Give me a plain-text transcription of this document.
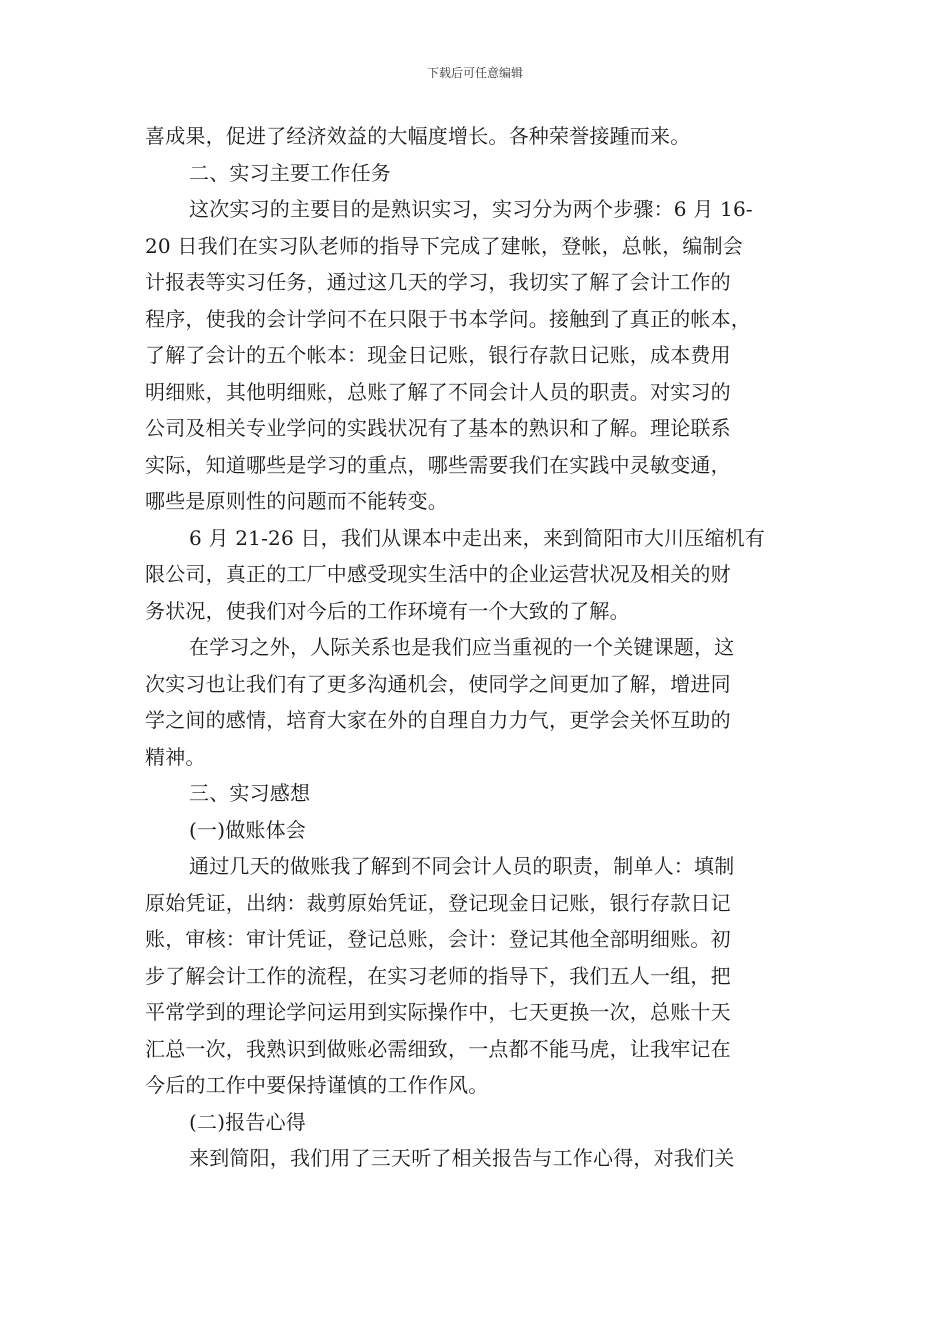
下载后可任意编辑
喜成果，促进了经济效益的大幅度增长。各种荣誉接踵而来。
二、实习主要工作任务
这次实习的主要目的是熟识实习，实习分为两个步骤：6 月 16-
20 日我们在实习队老师的指导下完成了建帐，登帐，总帐，编制会
计报表等实习任务，通过这几天的学习，我切实了解了会计工作的
程序，使我的会计学问不在只限于书本学问。接触到了真正的帐本，
了解了会计的五个帐本：现金日记账，银行存款日记账，成本费用
明细账，其他明细账，总账了解了不同会计人员的职责。对实习的
公司及相关专业学问的实践状况有了基本的熟识和了解。理论联系
实际，知道哪些是学习的重点，哪些需要我们在实践中灵敏变通，
哪些是原则性的问题而不能转变。
6 月 21-26 日，我们从课本中走出来，来到简阳市大川压缩机有
限公司，真正的工厂中感受现实生活中的企业运营状况及相关的财
务状况，使我们对今后的工作环境有一个大致的了解。
在学习之外，人际关系也是我们应当重视的一个关键课题，这
次实习也让我们有了更多沟通机会，使同学之间更加了解，增进同
学之间的感情，培育大家在外的自理自力力气，更学会关怀互助的
精神。
三、实习感想
(一)做账体会
通过几天的做账我了解到不同会计人员的职责，制单人：填制
原始凭证，出纳：裁剪原始凭证，登记现金日记账，银行存款日记
账，审核：审计凭证，登记总账，会计：登记其他全部明细账。初
步了解会计工作的流程，在实习老师的指导下，我们五人一组，把
平常学到的理论学问运用到实际操作中，七天更换一次，总账十天
汇总一次，我熟识到做账必需细致，一点都不能马虎，让我牢记在
今后的工作中要保持谨慎的工作作风。
(二)报告心得
来到简阳，我们用了三天听了相关报告与工作心得，对我们关
